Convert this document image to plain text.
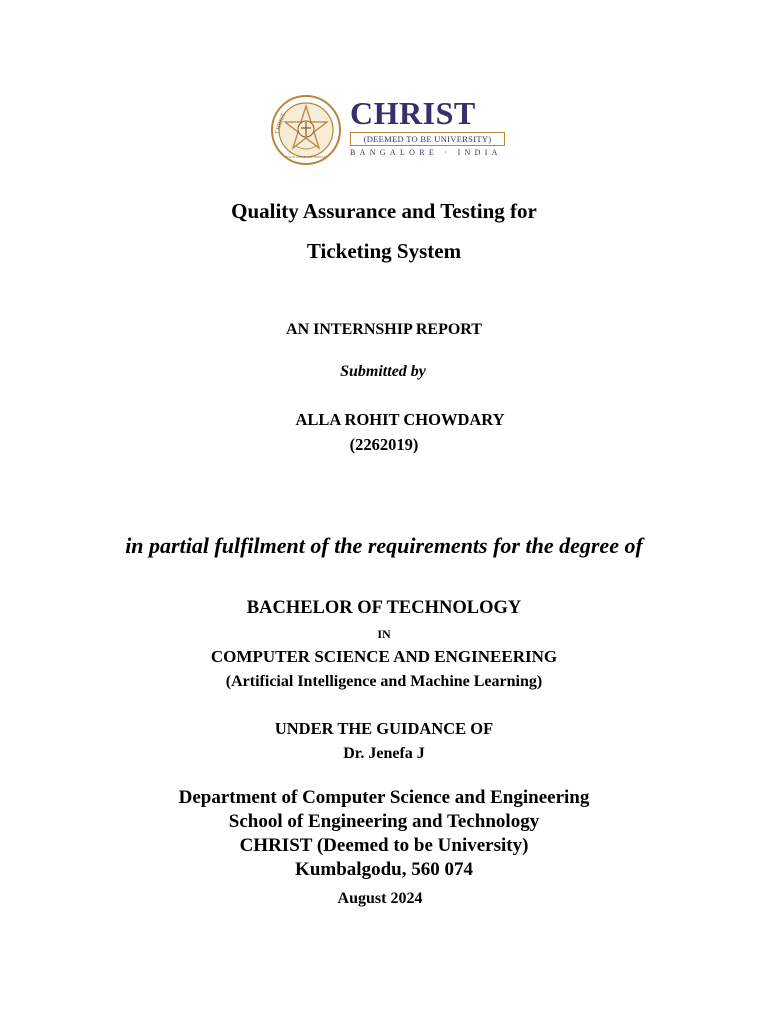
CHRIST
EXCELLENCE AND SERVICE
CHRIST
(DEEMED TO BE UNIVERSITY)
BANGALORE · INDIA
Quality Assurance and Testing for
Ticketing System
AN INTERNSHIP REPORT
Submitted by
ALLA ROHIT CHOWDARY
(2262019)
in partial fulfilment of the requirements for the degree of
BACHELOR OF TECHNOLOGY
IN
COMPUTER SCIENCE AND ENGINEERING
(Artificial Intelligence and Machine Learning)
UNDER THE GUIDANCE OF
Dr. Jenefa J
Department of Computer Science and Engineering
School of Engineering and Technology
CHRIST (Deemed to be University)
Kumbalgodu, 560 074
August 2024
